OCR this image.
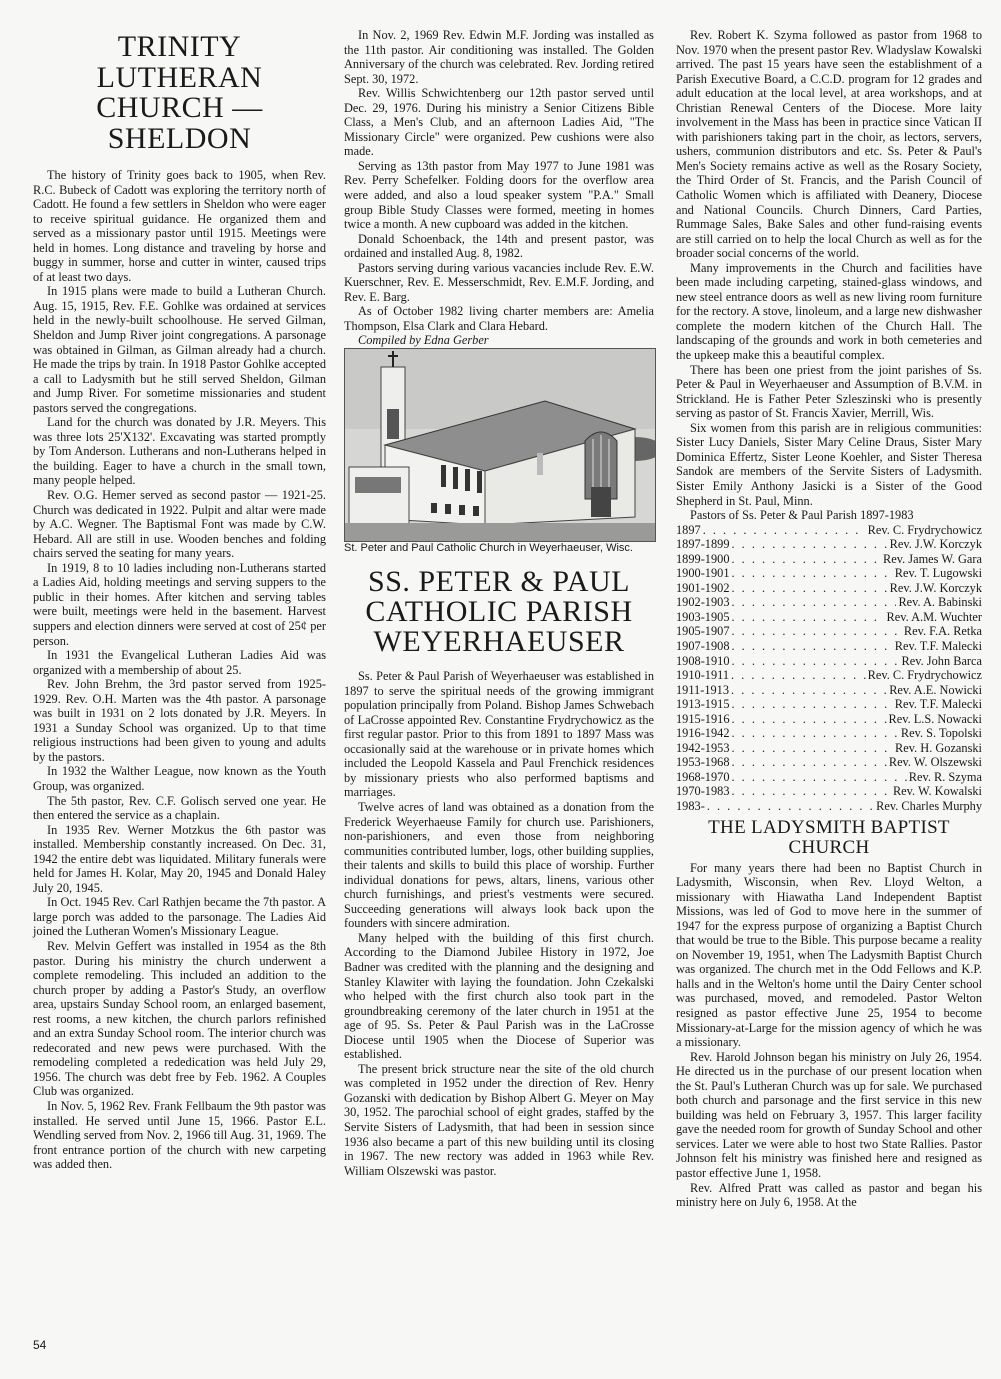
TRINITY
LUTHERAN
CHURCH —
SHELDON

The history of Trinity goes back to 1905, when Rev. R.C. Bubeck of Cadott was exploring the territory north of Cadott. He found a few settlers in Sheldon who were eager to receive spiritual guidance. He organized them and served as a missionary pastor until 1915. Meetings were held in homes. Long distance and traveling by horse and buggy in summer, horse and cutter in winter, caused trips of at least two days.

In 1915 plans were made to build a Lutheran Church. Aug. 15, 1915, Rev. F.E. Gohlke was ordained at services held in the newly-built schoolhouse. He served Gilman, Sheldon and Jump River joint congregations. A parsonage was obtained in Gilman, as Gilman already had a church. He made the trips by train. In 1918 Pastor Gohlke accepted a call to Ladysmith but he still served Sheldon, Gilman and Jump River. For sometime missionaries and student pastors served the congregations.

Land for the church was donated by J.R. Meyers. This was three lots 25'X132'. Excavating was started promptly by Tom Anderson. Lutherans and non-Lutherans helped in the building. Eager to have a church in the small town, many people helped.

Rev. O.G. Hemer served as second pastor — 1921-25. Church was dedicated in 1922. Pulpit and altar were made by A.C. Wegner. The Baptismal Font was made by C.W. Hebard. All are still in use. Wooden benches and folding chairs served the seating for many years.

In 1919, 8 to 10 ladies including non-Lutherans started a Ladies Aid, holding meetings and serving suppers to the public in their homes. After kitchen and serving tables were built, meetings were held in the basement. Harvest suppers and election dinners were served at cost of 25¢ per person.

In 1931 the Evangelical Lutheran Ladies Aid was organized with a membership of about 25.

Rev. John Brehm, the 3rd pastor served from 1925-1929. Rev. O.H. Marten was the 4th pastor. A parsonage was built in 1931 on 2 lots donated by J.R. Meyers. In 1931 a Sunday School was organized. Up to that time religious instructions had been given to young and adults by the pastors.

In 1932 the Walther League, now known as the Youth Group, was organized.

The 5th pastor, Rev. C.F. Golisch served one year. He then entered the service as a chaplain.

In 1935 Rev. Werner Motzkus the 6th pastor was installed. Membership constantly increased. On Dec. 31, 1942 the entire debt was liquidated. Military funerals were held for James H. Kolar, May 20, 1945 and Donald Haley July 20, 1945.

In Oct. 1945 Rev. Carl Rathjen became the 7th pastor. A large porch was added to the parsonage. The Ladies Aid joined the Lutheran Women's Missionary League.

Rev. Melvin Geffert was installed in 1954 as the 8th pastor. During his ministry the church underwent a complete remodeling. This included an addition to the church proper by adding a Pastor's Study, an overflow area, upstairs Sunday School room, an enlarged basement, rest rooms, a new kitchen, the church parlors refinished and an extra Sunday School room. The interior church was redecorated and new pews were purchased. With the remodeling completed a rededication was held July 29, 1956. The church was debt free by Feb. 1962. A Couples Club was organized.

In Nov. 5, 1962 Rev. Frank Fellbaum the 9th pastor was installed. He served until June 15, 1966. Pastor E.L. Wendling served from Nov. 2, 1966 till Aug. 31, 1969. The front entrance portion of the church with new carpeting was added then.

In Nov. 2, 1969 Rev. Edwin M.F. Jording was installed as the 11th pastor. Air conditioning was installed. The Golden Anniversary of the church was celebrated. Rev. Jording retired Sept. 30, 1972.

Rev. Willis Schwichtenberg our 12th pastor served until Dec. 29, 1976. During his ministry a Senior Citizens Bible Class, a Men's Club, and an afternoon Ladies Aid, "The Missionary Circle" were organized. Pew cushions were also made.

Serving as 13th pastor from May 1977 to June 1981 was Rev. Perry Schefelker. Folding doors for the overflow area were added, and also a loud speaker system "P.A." Small group Bible Study Classes were formed, meeting in homes twice a month. A new cupboard was added in the kitchen.

Donald Schoenback, the 14th and present pastor, was ordained and installed Aug. 8, 1982.

Pastors serving during various vacancies include Rev. E.W. Kuerschner, Rev. E. Messerschmidt, Rev. E.M.F. Jording, and Rev. E. Barg.

As of October 1982 living charter members are: Amelia Thompson, Elsa Clark and Clara Hebard.

Compiled by Edna Gerber

St. Peter and Paul Catholic Church in Weyerhaeuser, Wisc.

SS. PETER & PAUL
CATHOLIC PARISH
WEYERHAEUSER

Ss. Peter & Paul Parish of Weyerhaeuser was established in 1897 to serve the spiritual needs of the growing immigrant population principally from Poland. Bishop James Schwebach of LaCrosse appointed Rev. Constantine Frydrychowicz as the first regular pastor. Prior to this from 1891 to 1897 Mass was occasionally said at the warehouse or in private homes which included the Leopold Kassela and Paul Frenchick residences by missionary priests who also performed baptisms and marriages.

Twelve acres of land was obtained as a donation from the Frederick Weyerhaeuse Family for church use. Parishioners, non-parishioners, and even those from neighboring communities contributed lumber, logs, other building supplies, their talents and skills to build this place of worship. Further individual donations for pews, altars, linens, various other church furnishings, and priest's vestments were secured. Succeeding generations will always look back upon the founders with sincere admiration.

Many helped with the building of this first church. According to the Diamond Jubilee History in 1972, Joe Badner was credited with the planning and the designing and Stanley Klawiter with laying the foundation. John Czekalski who helped with the first church also took part in the groundbreaking ceremony of the later church in 1951 at the age of 95. Ss. Peter & Paul Parish was in the LaCrosse Diocese until 1905 when the Diocese of Superior was established.

The present brick structure near the site of the old church was completed in 1952 under the direction of Rev. Henry Gozanski with dedication by Bishop Albert G. Meyer on May 30, 1952. The parochial school of eight grades, staffed by the Servite Sisters of Ladysmith, that had been in session since 1936 also became a part of this new building until its closing in 1967. The new rectory was added in 1963 while Rev. William Olszewski was pastor.

Rev. Robert K. Szyma followed as pastor from 1968 to Nov. 1970 when the present pastor Rev. Wladyslaw Kowalski arrived. The past 15 years have seen the establishment of a Parish Executive Board, a C.C.D. program for 12 grades and adult education at the local level, at area workshops, and at Christian Renewal Centers of the Diocese. More laity involvement in the Mass has been in practice since Vatican II with parishioners taking part in the choir, as lectors, servers, ushers, communion distributors and etc. Ss. Peter & Paul's Men's Society remains active as well as the Rosary Society, the Third Order of St. Francis, and the Parish Council of Catholic Women which is affiliated with Deanery, Diocese and National Councils. Church Dinners, Card Parties, Rummage Sales, Bake Sales and other fund-raising events are still carried on to help the local Church as well as for the broader social concerns of the world.

Many improvements in the Church and facilities have been made including carpeting, stained-glass windows, and new steel entrance doors as well as new living room furniture for the rectory. A stove, linoleum, and a large new dishwasher complete the modern kitchen of the Church Hall. The landscaping of the grounds and work in both cemeteries and the upkeep make this a beautiful complex.

There has been one priest from the joint parishes of Ss. Peter & Paul in Weyerhaeuser and Assumption of B.V.M. in Strickland. He is Father Peter Szleszinski who is presently serving as pastor of St. Francis Xavier, Merrill, Wis.

Six women from this parish are in religious communities: Sister Lucy Daniels, Sister Mary Celine Draus, Sister Mary Dominica Effertz, Sister Leone Koehler, and Sister Theresa Sandok are members of the Servite Sisters of Ladysmith. Sister Emily Anthony Jasicki is a Sister of the Good Shepherd in St. Paul, Minn.

Pastors of Ss. Peter & Paul Parish 1897-1983

1897 . . .	Rev. C. Frydrychowicz
1897-1899 . . .	Rev. J.W. Korczyk
1899-1900 . . .	Rev. James W. Gara
1900-1901 . . .	Rev. T. Lugowski
1901-1902 . . .	Rev. J.W. Korczyk
1902-1903 . . .	Rev. A. Babinski
1903-1905 . . .	Rev. A.M. Wuchter
1905-1907 . . .	Rev. F.A. Retka
1907-1908 . . .	Rev. T.F. Malecki
1908-1910 . . .	Rev. John Barca
1910-1911 . . .	Rev. C. Frydrychowicz
1911-1913 . . .	Rev. A.E. Nowicki
1913-1915 . . .	Rev. T.F. Malecki
1915-1916 . . .	Rev. L.S. Nowacki
1916-1942 . . .	Rev. S. Topolski
1942-1953 . . .	Rev. H. Gozanski
1953-1968 . . .	Rev. W. Olszewski
1968-1970 . . .	Rev. R. Szyma
1970-1983 . . .	Rev. W. Kowalski
1983- . . .	Rev. Charles Murphy
THE LADYSMITH BAPTIST
CHURCH

For many years there had been no Baptist Church in Ladysmith, Wisconsin, when Rev. Lloyd Welton, a missionary with Hiawatha Land Independent Baptist Missions, was led of God to move here in the summer of 1947 for the express purpose of organizing a Baptist Church that would be true to the Bible. This purpose became a reality on November 19, 1951, when The Ladysmith Baptist Church was organized. The church met in the Odd Fellows and K.P. halls and in the Welton's home until the Dairy Center school was purchased, moved, and remodeled. Pastor Welton resigned as pastor effective June 25, 1954 to become Missionary-at-Large for the mission agency of which he was a missionary.

Rev. Harold Johnson began his ministry on July 26, 1954. He directed us in the purchase of our present location when the St. Paul's Lutheran Church was up for sale. We purchased both church and parsonage and the first service in this new building was held on February 3, 1957. This larger facility gave the needed room for growth of Sunday School and other services. Later we were able to host two State Rallies. Pastor Johnson felt his ministry was finished here and resigned as pastor effective June 1, 1958.

Rev. Alfred Pratt was called as pastor and began his ministry here on July 6, 1958. At the

54
